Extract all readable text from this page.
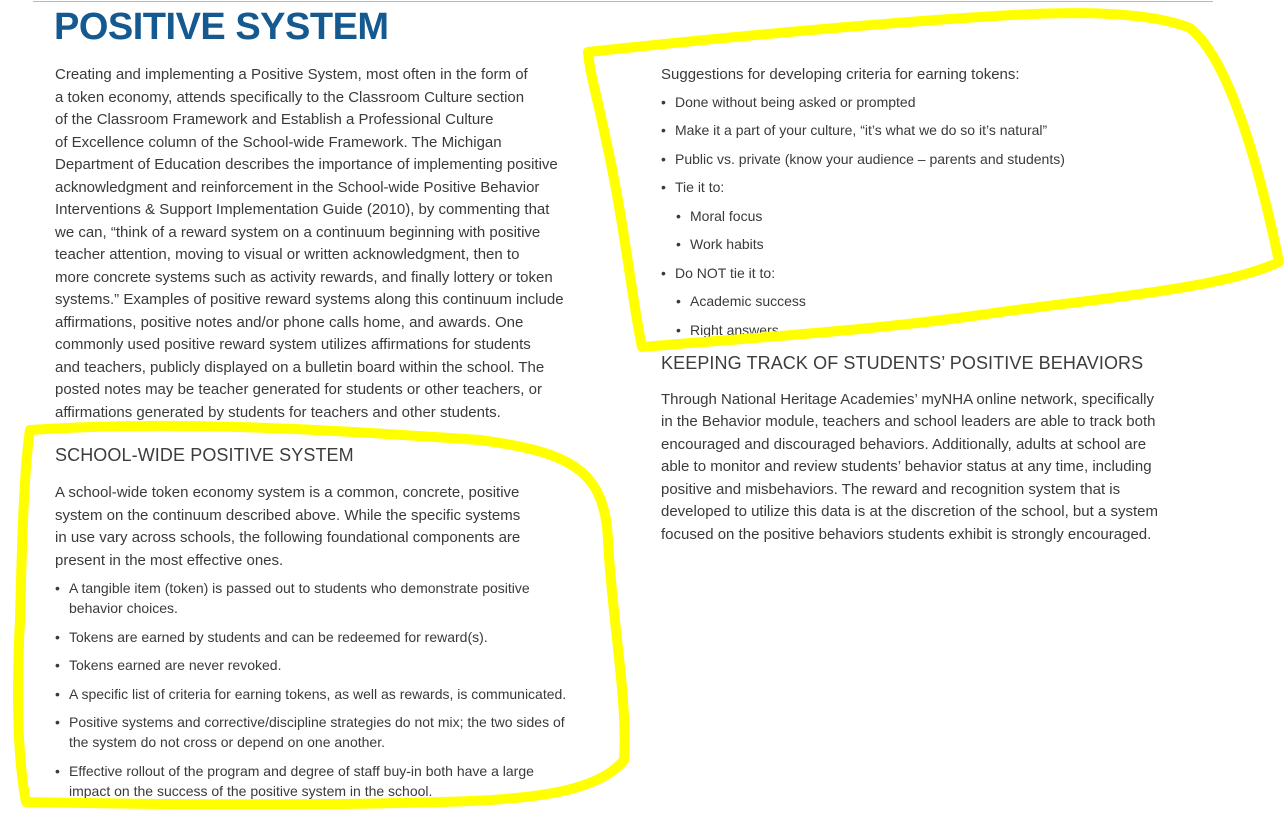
POSITIVE SYSTEM

Creating and implementing a Positive System, most often in the form of
a token economy, attends specifically to the Classroom Culture section
of the Classroom Framework and Establish a Professional Culture
of Excellence column of the School-wide Framework. The Michigan
Department of Education describes the importance of implementing positive
acknowledgment and reinforcement in the School-wide Positive Behavior
Interventions & Support Implementation Guide (2010), by commenting that
we can, “think of a reward system on a continuum beginning with positive
teacher attention, moving to visual or written acknowledgment, then to
more concrete systems such as activity rewards, and finally lottery or token
systems.” Examples of positive reward systems along this continuum include
affirmations, positive notes and/or phone calls home, and awards. One
commonly used positive reward system utilizes affirmations for students
and teachers, publicly displayed on a bulletin board within the school. The
posted notes may be teacher generated for students or other teachers, or
affirmations generated by students for teachers and other students.

SCHOOL-WIDE POSITIVE SYSTEM

A school-wide token economy system is a common, concrete, positive
system on the continuum described above. While the specific systems
in use vary across schools, the following foundational components are
present in the most effective ones.

• A tangible item (token) is passed out to students who demonstrate positive
behavior choices.
• Tokens are earned by students and can be redeemed for reward(s).
• Tokens earned are never revoked.
• A specific list of criteria for earning tokens, as well as rewards, is communicated.
• Positive systems and corrective/discipline strategies do not mix; the two sides of
the system do not cross or depend on one another.
• Effective rollout of the program and degree of staff buy-in both have a large
impact on the success of the positive system in the school.

Suggestions for developing criteria for earning tokens:

• Done without being asked or prompted
• Make it a part of your culture, “it’s what we do so it’s natural”
• Public vs. private (know your audience – parents and students)
• Tie it to:
• Moral focus
• Work habits
• Do NOT tie it to:
• Academic success
• Right answers
KEEPING TRACK OF STUDENTS’ POSITIVE BEHAVIORS

Through National Heritage Academies’ myNHA online network, specifically
in the Behavior module, teachers and school leaders are able to track both
encouraged and discouraged behaviors. Additionally, adults at school are
able to monitor and review students’ behavior status at any time, including
positive and misbehaviors. The reward and recognition system that is
developed to utilize this data is at the discretion of the school, but a system
focused on the positive behaviors students exhibit is strongly encouraged.
